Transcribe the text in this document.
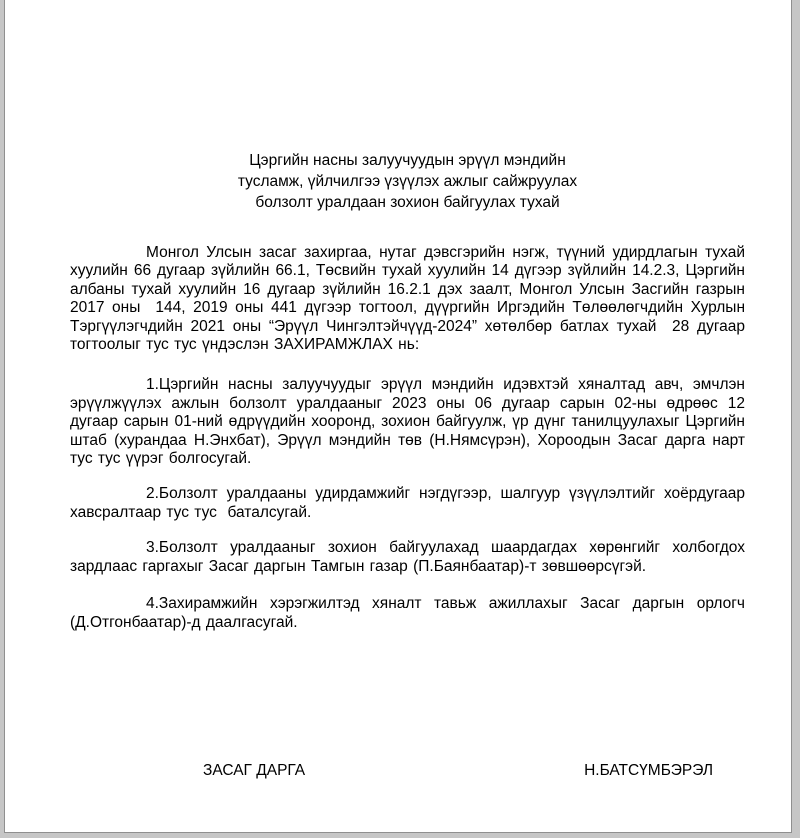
Цэргийн насны залуучуудын эрүүл мэндийн
тусламж, үйлчилгээ үзүүлэх ажлыг сайжруулах
болзолт уралдаан зохион байгуулах тухай

Монгол Улсын засаг захиргаа, нутаг дэвсгэрийн нэгж, түүний удирдлагын тухай хуулийн 66 дугаар зүйлийн 66.1, Төсвийн тухай хуулийн 14 дүгээр зүйлийн 14.2.3, Цэргийн албаны тухай хуулийн 16 дугаар зүйлийн 16.2.1 дэх заалт, Монгол Улсын Засгийн газрын 2017 оны  144, 2019 оны 441 дүгээр тогтоол, дүүргийн Иргэдийн Төлөөлөгчдийн Хурлын Тэргүүлэгчдийн 2021 оны “Эрүүл Чингэлтэйчүүд-2024” хөтөлбөр батлах тухай  28 дугаар тогтоолыг тус тус үндэслэн ЗАХИРАМЖЛАХ нь:

1.Цэргийн насны залуучуудыг эрүүл мэндийн идэвхтэй хяналтад авч, эмчлэн эрүүлжүүлэх ажлын болзолт уралдааныг 2023 оны 06 дугаар сарын 02-ны өдрөөс 12 дугаар сарын 01-ний өдрүүдийн хооронд, зохион байгуулж, үр дүнг танилцуулахыг Цэргийн штаб (хурандаа Н.Энхбат), Эрүүл мэндийн төв (Н.Нямсүрэн), Хороодын Засаг дарга нарт тус тус үүрэг болгосугай.

2.Болзолт уралдааны удирдамжийг нэгдүгээр, шалгуур үзүүлэлтийг хоёрдугаар хавсралтаар тус тус  баталсугай.

3.Болзолт уралдааныг зохион байгуулахад шаардагдах хөрөнгийг холбогдох зардлаас гаргахыг Засаг даргын Тамгын газар (П.Баянбаатар)-т зөвшөөрсүгэй.

4.Захирамжийн хэрэгжилтэд хяналт тавьж ажиллахыг Засаг даргын орлогч (Д.Отгонбаатар)-д даалгасугай.

ЗАСАГ ДАРГА	Н.БАТСҮМБЭРЭЛ
